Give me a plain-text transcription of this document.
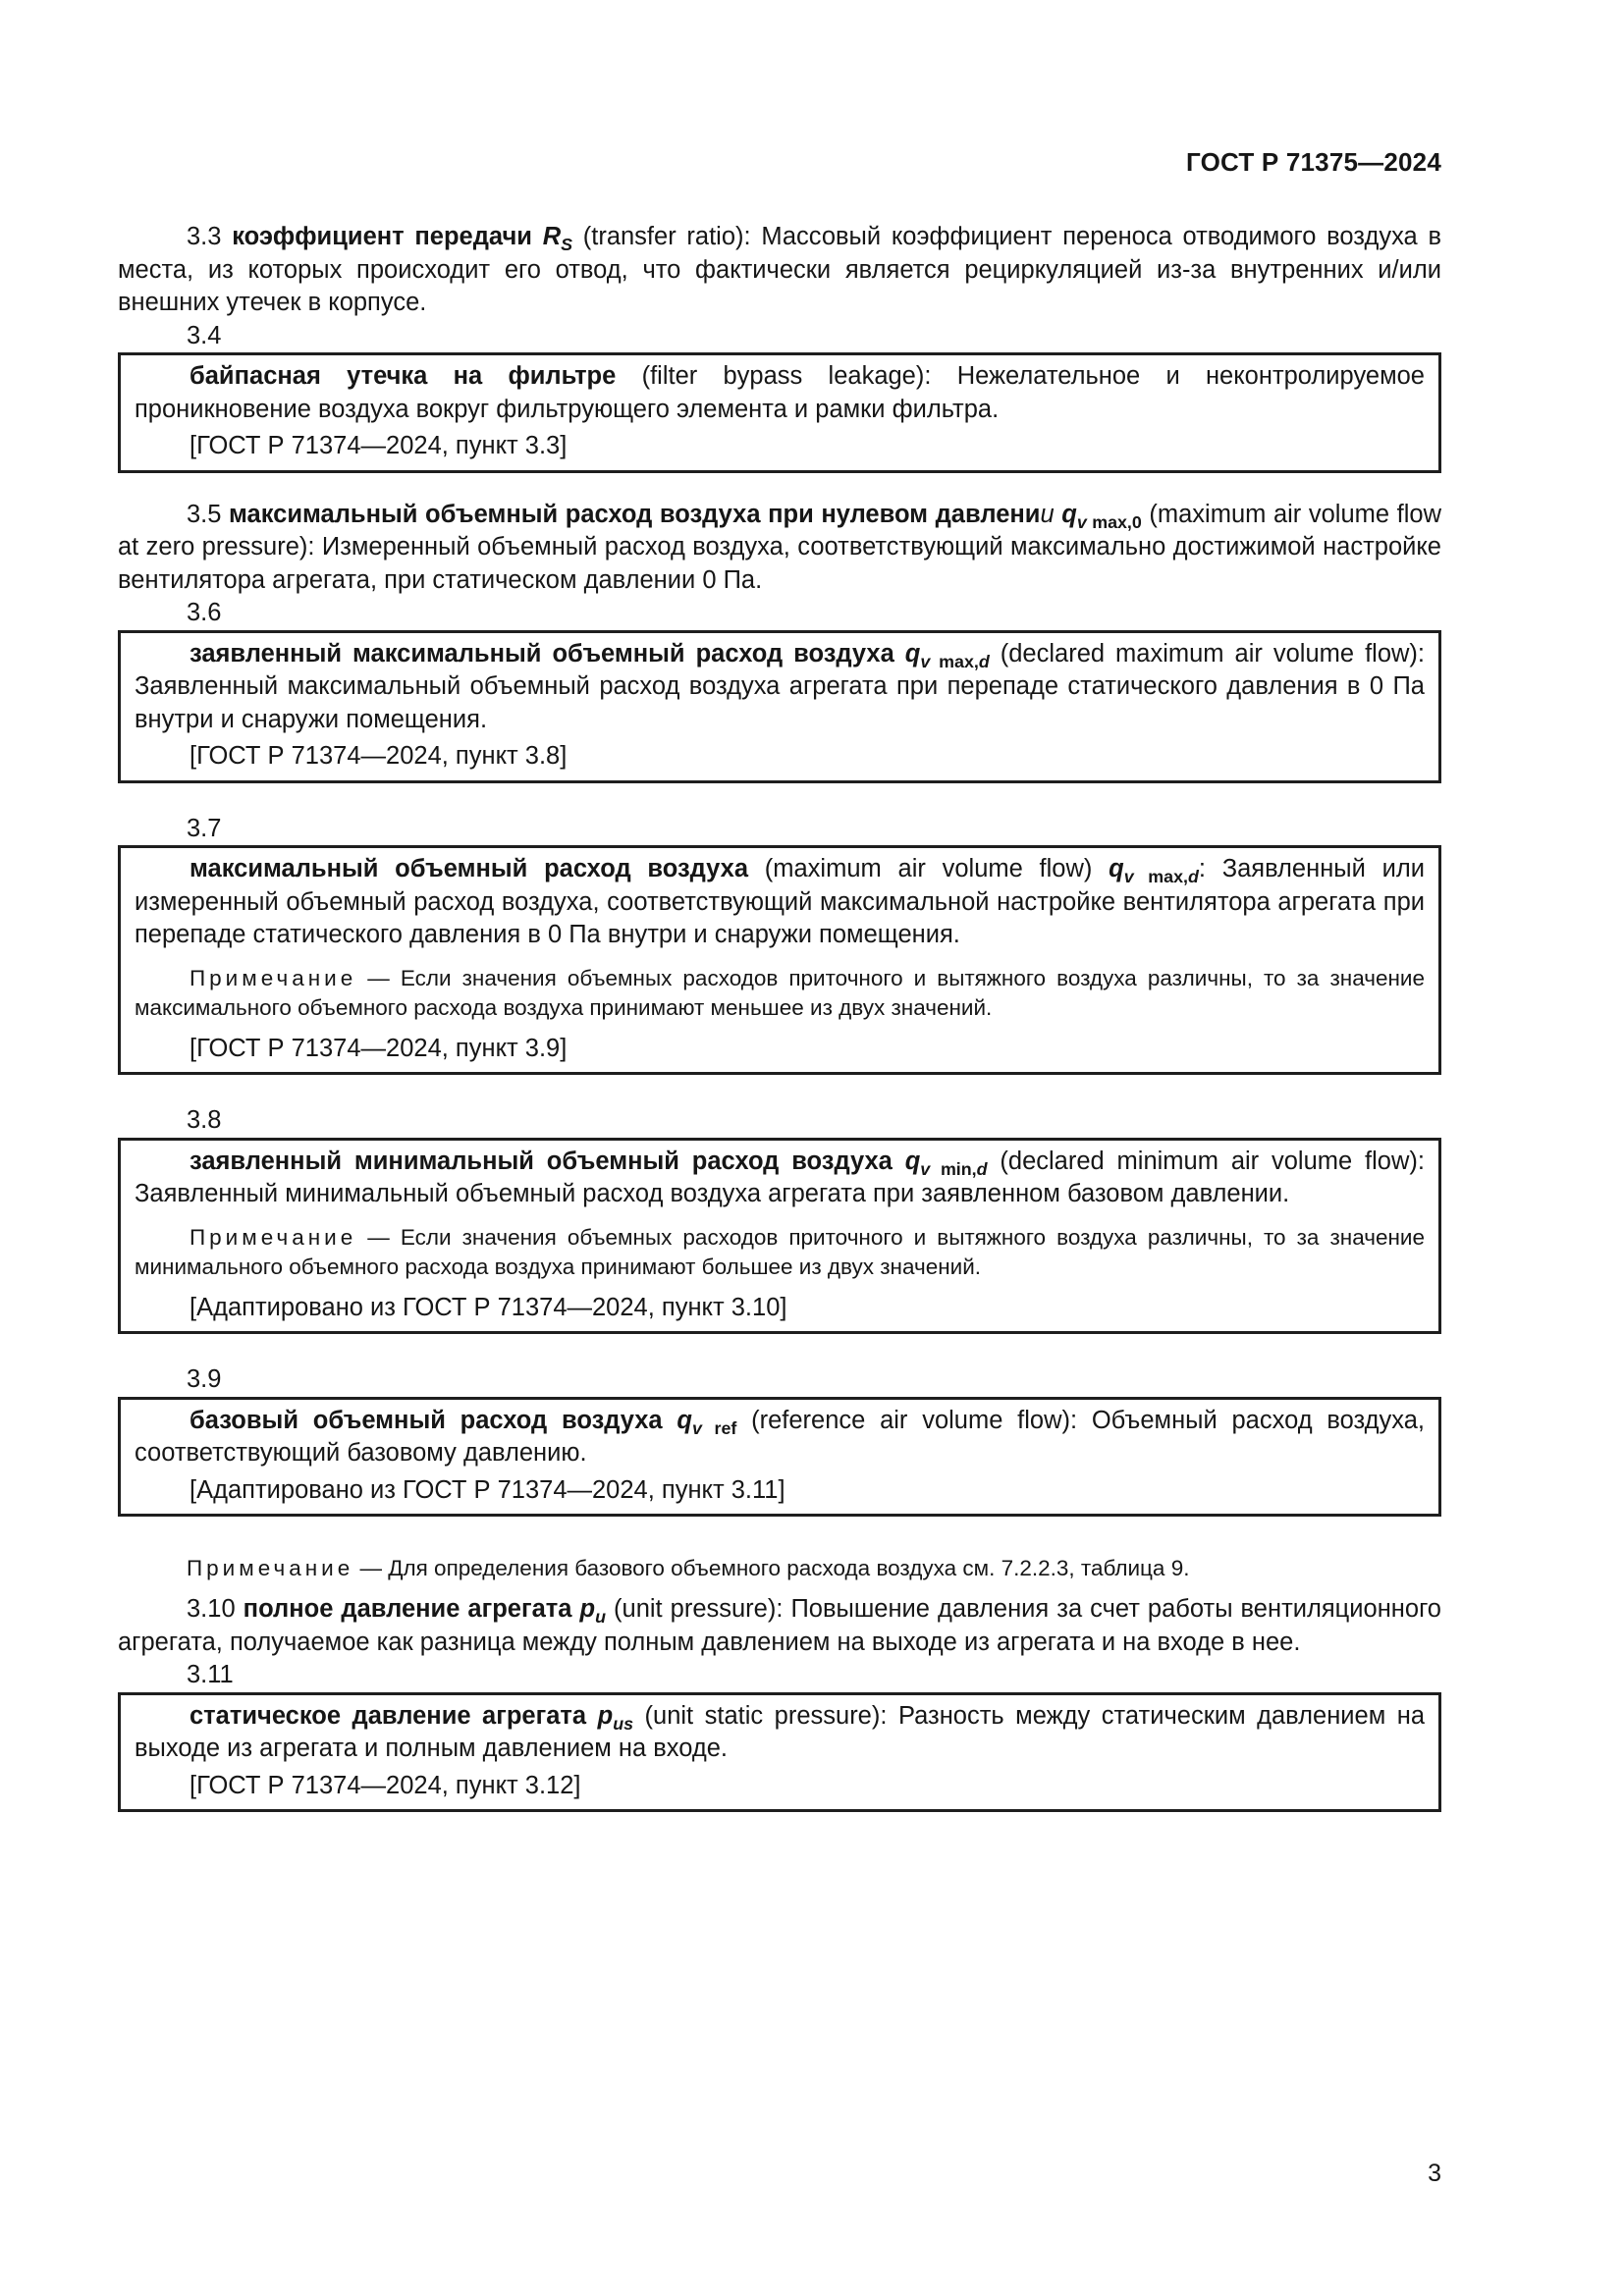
ГОСТ Р 71375—2024

3.3 коэффициент передачи $R_S$ (transfer ratio): Массовый коэффициент переноса отводимого воздуха в места, из которых происходит его отвод, что фактически является рециркуляцией из-за внутренних и/или внешних утечек в корпусе.

3.4

байпасная утечка на фильтре (filter bypass leakage): Нежелательное и неконтролируемое проникновение воздуха вокруг фильтрующего элемента и рамки фильтра.

[ГОСТ Р 71374—2024, пункт 3.3]

3.5 максимальный объемный расход воздуха при нулевом давлении $q_{v max,0}$ (maximum air volume flow at zero pressure): Измеренный объемный расход воздуха, соответствующий максимально достижимой настройке вентилятора агрегата, при статическом давлении 0 Па.

3.6

заявленный максимальный объемный расход воздуха $q_{v max,d}$ (declared maximum air volume flow): Заявленный максимальный объемный расход воздуха агрегата при перепаде статического давления в 0 Па внутри и снаружи помещения.

[ГОСТ Р 71374—2024, пункт 3.8]
3.7

максимальный объемный расход воздуха (maximum air volume flow) $q_{v max,d}$: Заявленный или измеренный объемный расход воздуха, соответствующий максимальной настройке вентилятора агрегата при перепаде статического давления в 0 Па внутри и снаружи помещения.

Примечание — Если значения объемных расходов приточного и вытяжного воздуха различны, то за значение максимального объемного расхода воздуха принимают меньшее из двух значений.

[ГОСТ Р 71374—2024, пункт 3.9]
3.8

заявленный минимальный объемный расход воздуха $q_{v min,d}$ (declared minimum air volume flow): Заявленный минимальный объемный расход воздуха агрегата при заявленном базовом давлении.

Примечание — Если значения объемных расходов приточного и вытяжного воздуха различны, то за значение минимального объемного расхода воздуха принимают большее из двух значений.

[Адаптировано из ГОСТ Р 71374—2024, пункт 3.10]
3.9

базовый объемный расход воздуха $q_{v ref}$ (reference air volume flow): Объемный расход воздуха, соответствующий базовому давлению.

[Адаптировано из ГОСТ Р 71374—2024, пункт 3.11]

Примечание — Для определения базового объемного расхода воздуха см. 7.2.2.3, таблица 9.

3.10 полное давление агрегата $p_u$ (unit pressure): Повышение давления за счет работы вентиляционного агрегата, получаемое как разница между полным давлением на выходе из агрегата и на входе в нее.

3.11

статическое давление агрегата $p_{us}$ (unit static pressure): Разность между статическим давлением на выходе из агрегата и полным давлением на входе.

[ГОСТ Р 71374—2024, пункт 3.12]
3
